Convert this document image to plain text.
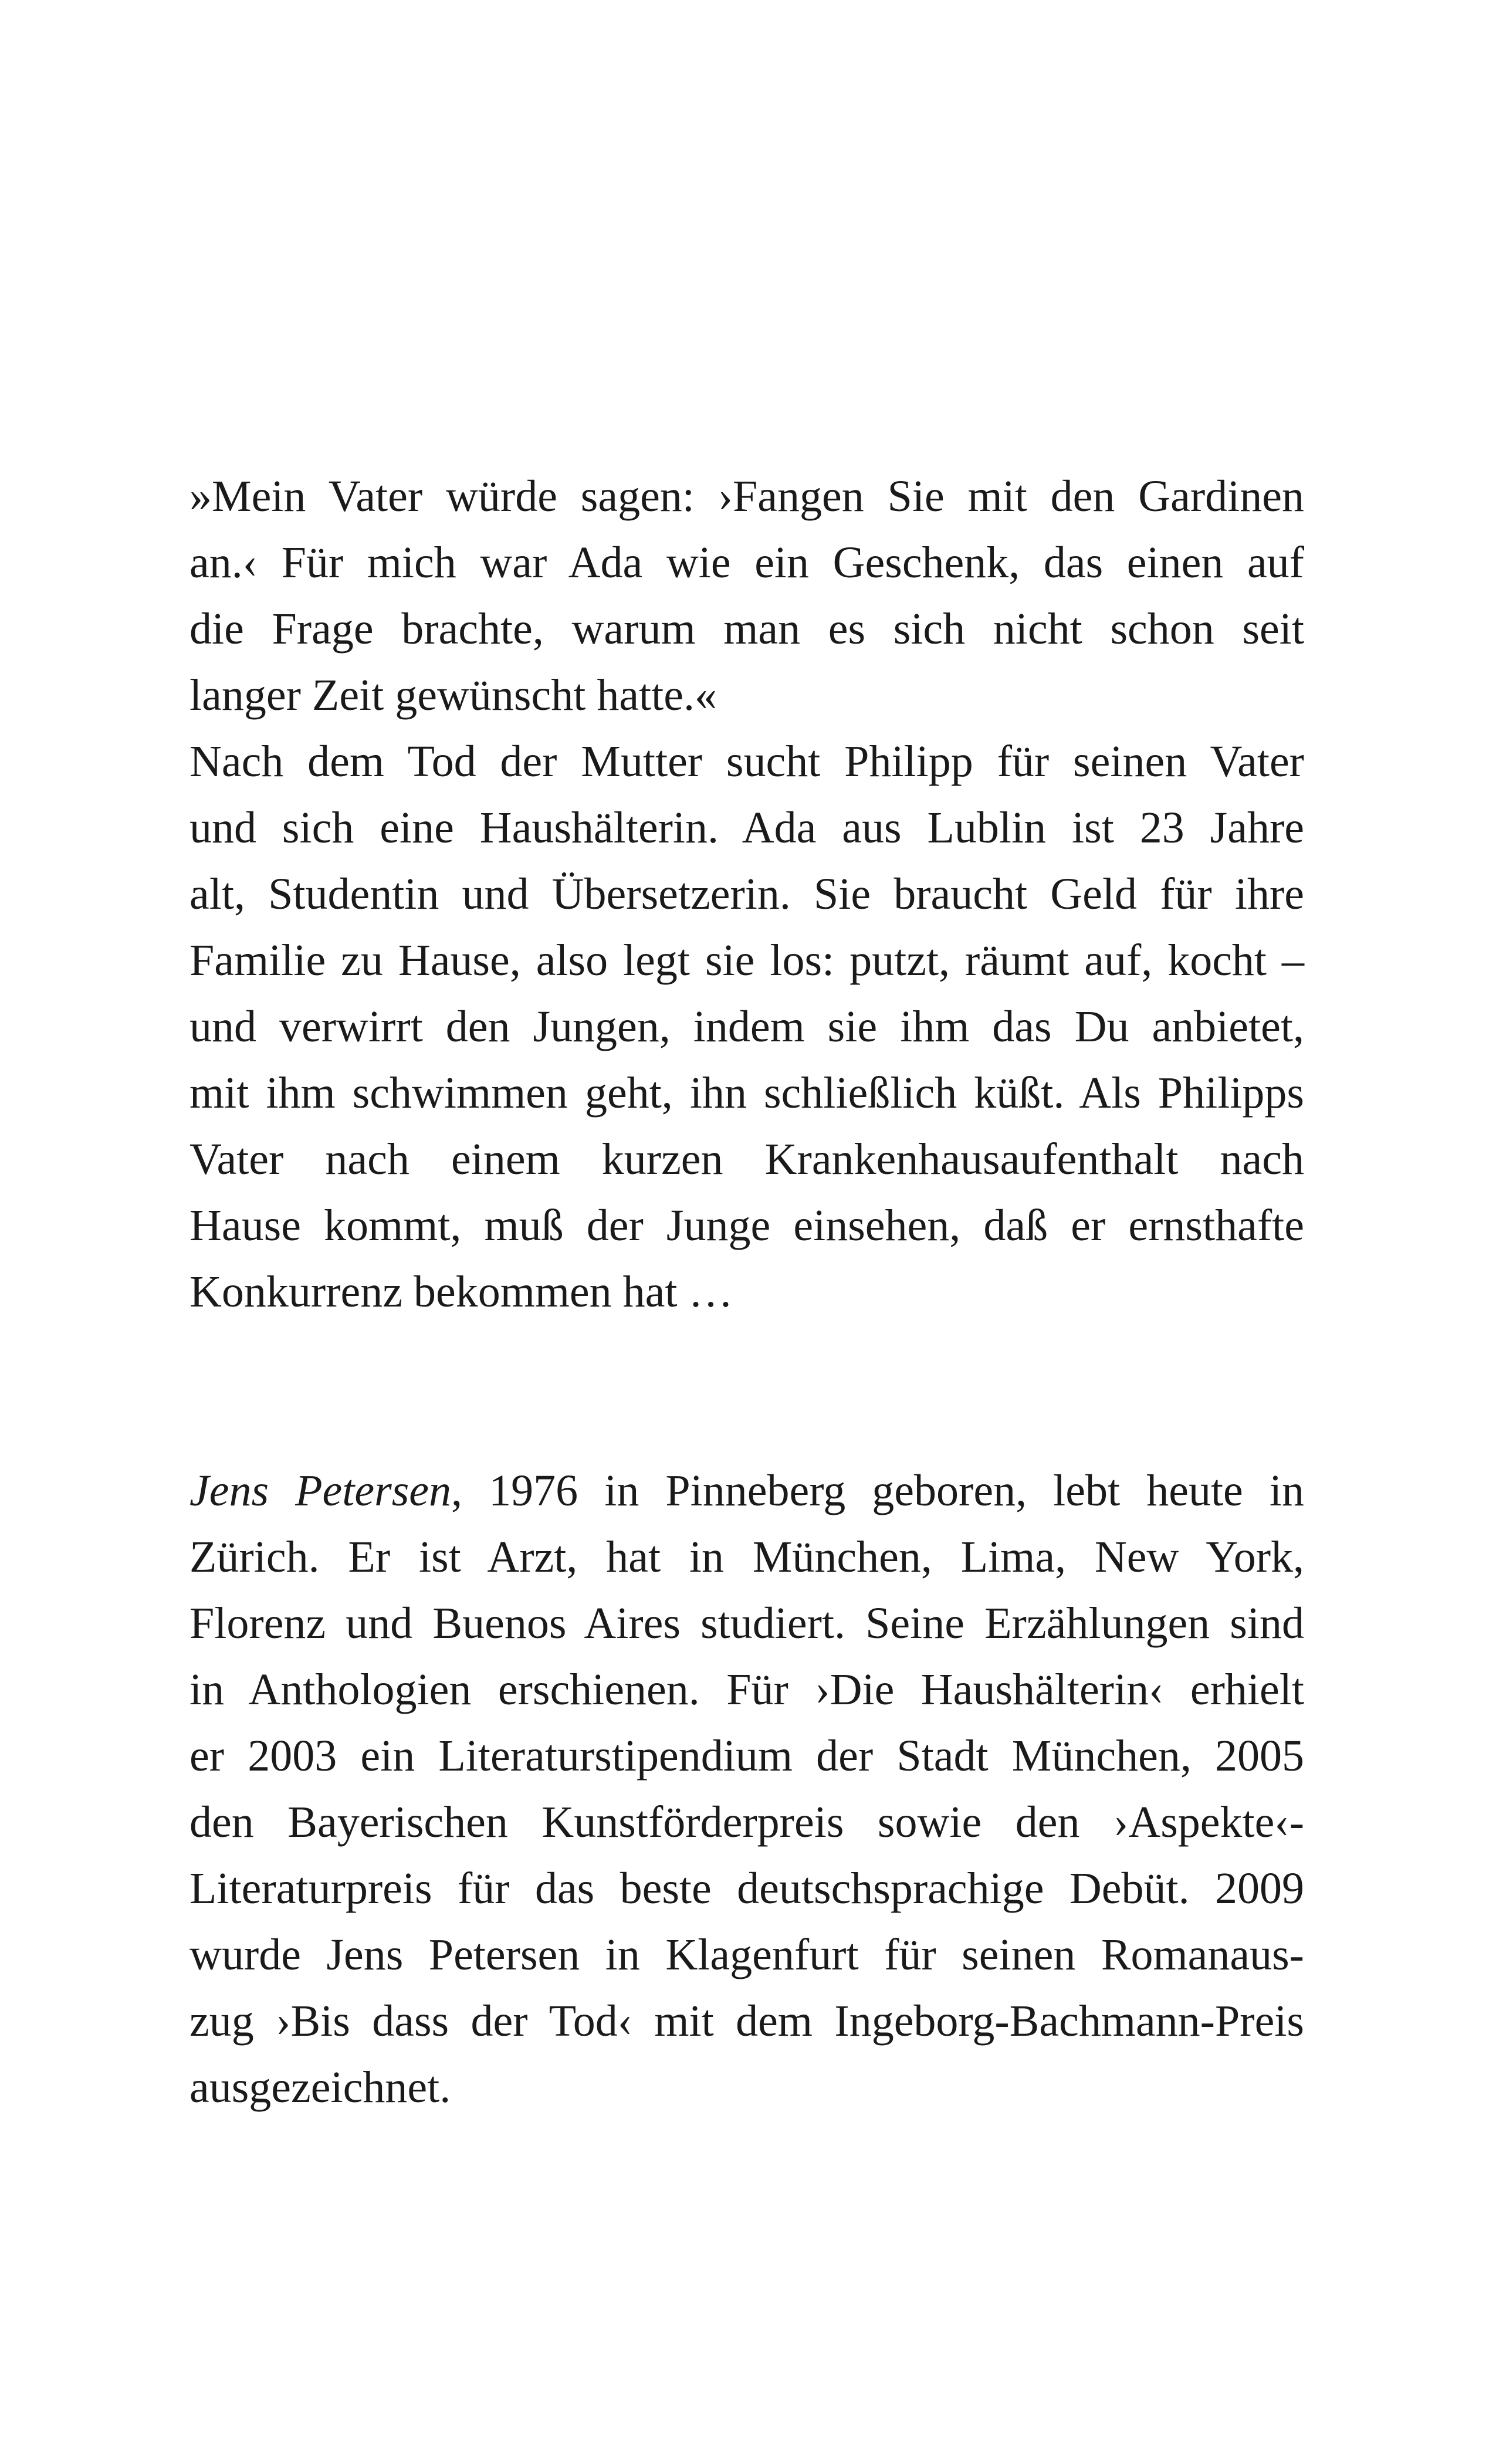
»Mein Vater würde sagen: ›Fangen Sie mit den Gardinen
an.‹ Für mich war Ada wie ein Geschenk, das einen auf
die Frage brachte, warum man es sich nicht schon seit
langer Zeit gewünscht hatte.«
Nach dem Tod der Mutter sucht Philipp für seinen Vater
und sich eine Haushälterin. Ada aus Lublin ist 23 Jahre
alt, Studentin und Übersetzerin. Sie braucht Geld für ihre
Familie zu Hause, also legt sie los: putzt, räumt auf, kocht –
und verwirrt den Jungen, indem sie ihm das Du anbietet,
mit ihm schwimmen geht, ihn schließlich küßt. Als Philipps
Vater nach einem kurzen Krankenhausaufenthalt nach
Hause kommt, muß der Junge einsehen, daß er ernsthafte
Konkurrenz bekommen hat …
Jens Petersen, 1976 in Pinneberg geboren, lebt heute in
Zürich. Er ist Arzt, hat in München, Lima, New York,
Florenz und Buenos Aires studiert. Seine Erzählungen sind
in Anthologien erschienen. Für ›Die Haushälterin‹ erhielt
er 2003 ein Literaturstipendium der Stadt München, 2005
den Bayerischen Kunstförderpreis sowie den ›Aspekte‹-
Literaturpreis für das beste deutschsprachige Debüt. 2009
wurde Jens Petersen in Klagenfurt für seinen Romanaus-
zug ›Bis dass der Tod‹ mit dem Ingeborg-Bachmann-Preis
ausgezeichnet.
